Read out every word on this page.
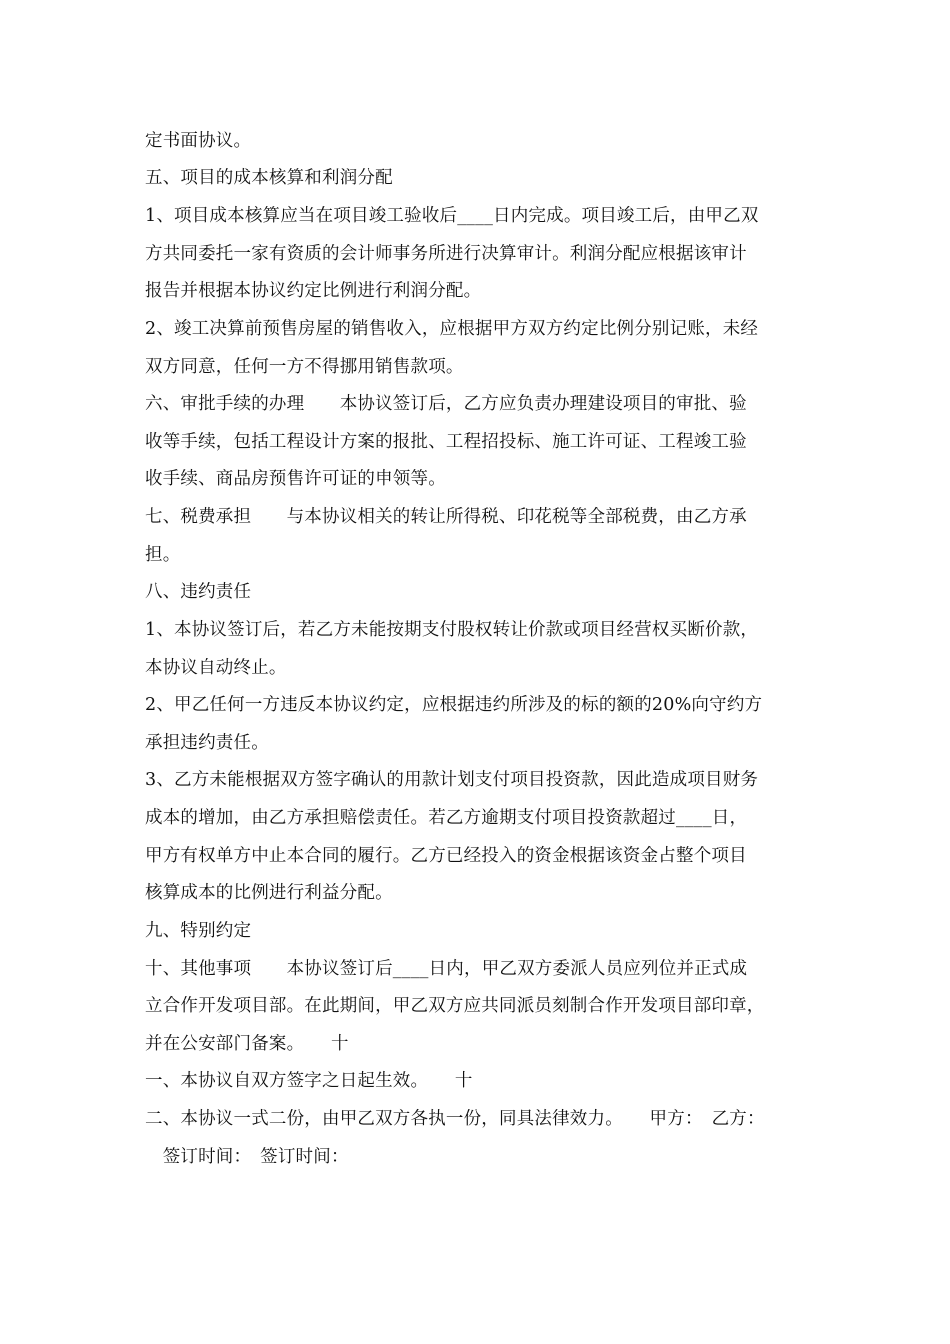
定书面协议。
五、项目的成本核算和利润分配
1、项目成本核算应当在项目竣工验收后____日内完成。项目竣工后，由甲乙双
方共同委托一家有资质的会计师事务所进行决算审计。利润分配应根据该审计
报告并根据本协议约定比例进行利润分配。
2、竣工决算前预售房屋的销售收入，应根据甲方双方约定比例分别记账，未经
双方同意，任何一方不得挪用销售款项。
六、审批手续的办理　　本协议签订后，乙方应负责办理建设项目的审批、验
收等手续，包括工程设计方案的报批、工程招投标、施工许可证、工程竣工验
收手续、商品房预售许可证的申领等。
七、税费承担　　与本协议相关的转让所得税、印花税等全部税费，由乙方承
担。
八、违约责任
1、本协议签订后，若乙方未能按期支付股权转让价款或项目经营权买断价款，
本协议自动终止。
2、甲乙任何一方违反本协议约定，应根据违约所涉及的标的额的20%向守约方
承担违约责任。
3、乙方未能根据双方签字确认的用款计划支付项目投资款，因此造成项目财务
成本的增加，由乙方承担赔偿责任。若乙方逾期支付项目投资款超过____日，
甲方有权单方中止本合同的履行。乙方已经投入的资金根据该资金占整个项目
核算成本的比例进行利益分配。
九、特别约定
十、其他事项　　本协议签订后____日内，甲乙双方委派人员应列位并正式成
立合作开发项目部。在此期间，甲乙双方应共同派员刻制合作开发项目部印章，
并在公安部门备案。　　十
一、本协议自双方签字之日起生效。　　十
二、本协议一式二份，由甲乙双方各执一份，同具法律效力。　　甲方：　乙方：
　签订时间：　签订时间：
